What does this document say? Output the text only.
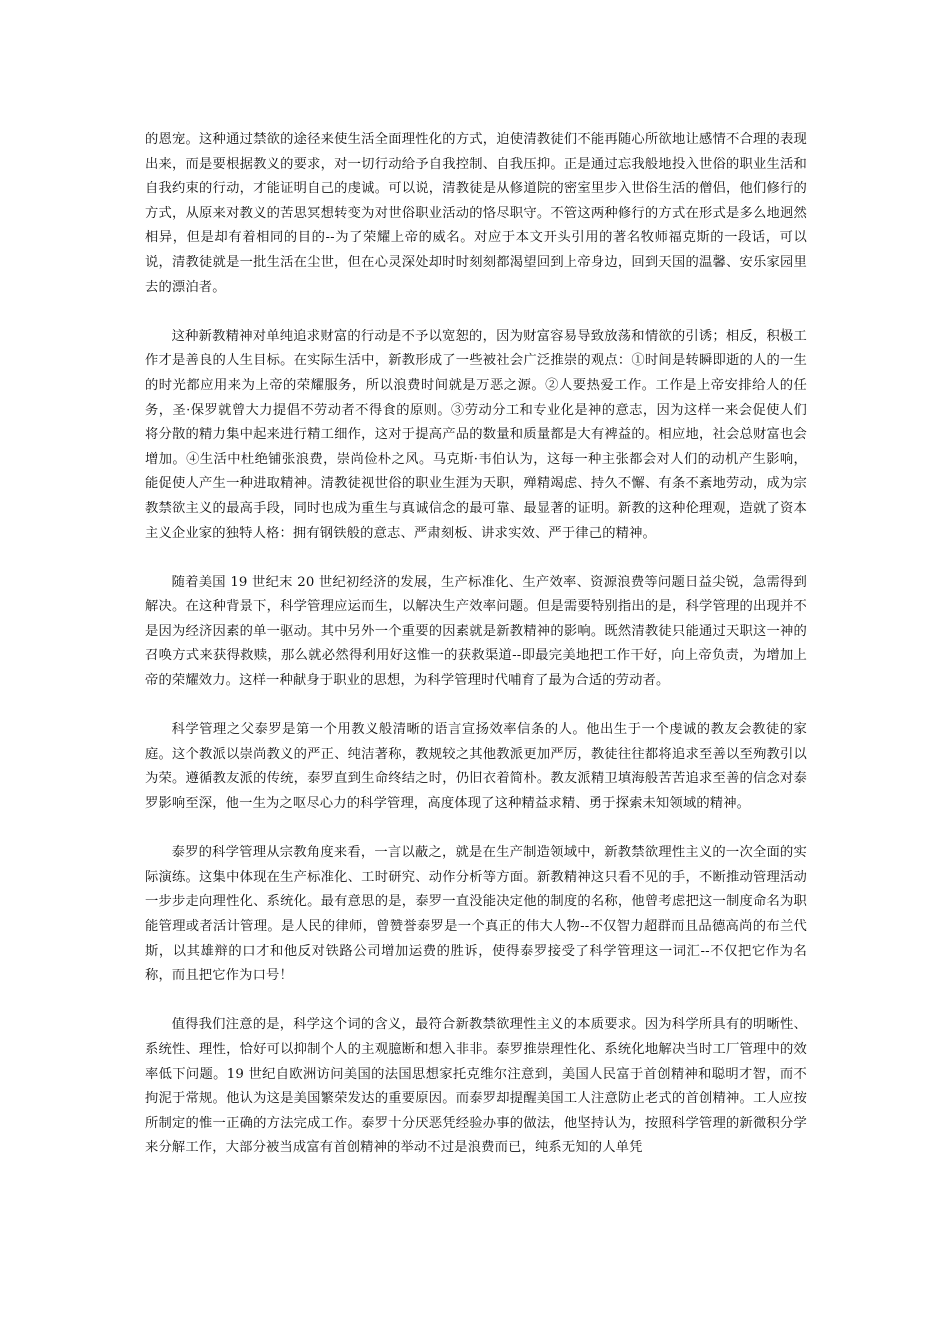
的恩宠。这种通过禁欲的途径来使生活全面理性化的方式，迫使清教徒们不能再随心所欲地让感情不合理的表现出来，而是要根据教义的要求，对一切行动给予自我控制、自我压抑。正是通过忘我般地投入世俗的职业生活和自我约束的行动，才能证明自己的虔诚。可以说，清教徒是从修道院的密室里步入世俗生活的僧侣，他们修行的方式，从原来对教义的苦思冥想转变为对世俗职业活动的恪尽职守。不管这两种修行的方式在形式是多么地迥然相异，但是却有着相同的目的--为了荣耀上帝的威名。对应于本文开头引用的著名牧师福克斯的一段话，可以说，清教徒就是一批生活在尘世，但在心灵深处却时时刻刻都渴望回到上帝身边，回到天国的温馨、安乐家园里去的漂泊者。

这种新教精神对单纯追求财富的行动是不予以宽恕的，因为财富容易导致放荡和情欲的引诱；相反，积极工作才是善良的人生目标。在实际生活中，新教形成了一些被社会广泛推崇的观点：①时间是转瞬即逝的人的一生的时光都应用来为上帝的荣耀服务，所以浪费时间就是万恶之源。②人要热爱工作。工作是上帝安排给人的任务，圣·保罗就曾大力提倡不劳动者不得食的原则。③劳动分工和专业化是神的意志，因为这样一来会促使人们将分散的精力集中起来进行精工细作，这对于提高产品的数量和质量都是大有裨益的。相应地，社会总财富也会增加。④生活中杜绝铺张浪费，崇尚俭朴之风。马克斯·韦伯认为，这每一种主张都会对人们的动机产生影响，能促使人产生一种进取精神。清教徒视世俗的职业生涯为天职，殚精竭虑、持久不懈、有条不紊地劳动，成为宗教禁欲主义的最高手段，同时也成为重生与真诚信念的最可靠、最显著的证明。新教的这种伦理观，造就了资本主义企业家的独特人格：拥有钢铁般的意志、严肃刻板、讲求实效、严于律己的精神。

随着美国 19 世纪末 20 世纪初经济的发展，生产标准化、生产效率、资源浪费等问题日益尖锐，急需得到解决。在这种背景下，科学管理应运而生，以解决生产效率问题。但是需要特别指出的是，科学管理的出现并不是因为经济因素的单一驱动。其中另外一个重要的因素就是新教精神的影响。既然清教徒只能通过天职这一神的召唤方式来获得救赎，那么就必然得利用好这惟一的获救渠道--即最完美地把工作干好，向上帝负责，为增加上帝的荣耀效力。这样一种献身于职业的思想，为科学管理时代哺育了最为合适的劳动者。

科学管理之父泰罗是第一个用教义般清晰的语言宣扬效率信条的人。他出生于一个虔诚的教友会教徒的家庭。这个教派以崇尚教义的严正、纯洁著称，教规较之其他教派更加严厉，教徒往往都将追求至善以至殉教引以为荣。遵循教友派的传统，泰罗直到生命终结之时，仍旧衣着简朴。教友派精卫填海般苦苦追求至善的信念对泰罗影响至深，他一生为之呕尽心力的科学管理，高度体现了这种精益求精、勇于探索未知领域的精神。

泰罗的科学管理从宗教角度来看，一言以蔽之，就是在生产制造领域中，新教禁欲理性主义的一次全面的实际演练。这集中体现在生产标准化、工时研究、动作分析等方面。新教精神这只看不见的手，不断推动管理活动一步步走向理性化、系统化。最有意思的是，泰罗一直没能决定他的制度的名称，他曾考虑把这一制度命名为职能管理或者活计管理。是人民的律师，曾赞誉泰罗是一个真正的伟大人物--不仅智力超群而且品德高尚的布兰代斯，以其雄辩的口才和他反对铁路公司增加运费的胜诉，使得泰罗接受了科学管理这一词汇--不仅把它作为名称，而且把它作为口号！

值得我们注意的是，科学这个词的含义，最符合新教禁欲理性主义的本质要求。因为科学所具有的明晰性、系统性、理性，恰好可以抑制个人的主观臆断和想入非非。泰罗推崇理性化、系统化地解决当时工厂管理中的效率低下问题。19 世纪自欧洲访问美国的法国思想家托克维尔注意到，美国人民富于首创精神和聪明才智，而不拘泥于常规。他认为这是美国繁荣发达的重要原因。而泰罗却提醒美国工人注意防止老式的首创精神。工人应按所制定的惟一正确的方法完成工作。泰罗十分厌恶凭经验办事的做法，他坚持认为，按照科学管理的新微积分学来分解工作，大部分被当成富有首创精神的举动不过是浪费而已，纯系无知的人单凭
